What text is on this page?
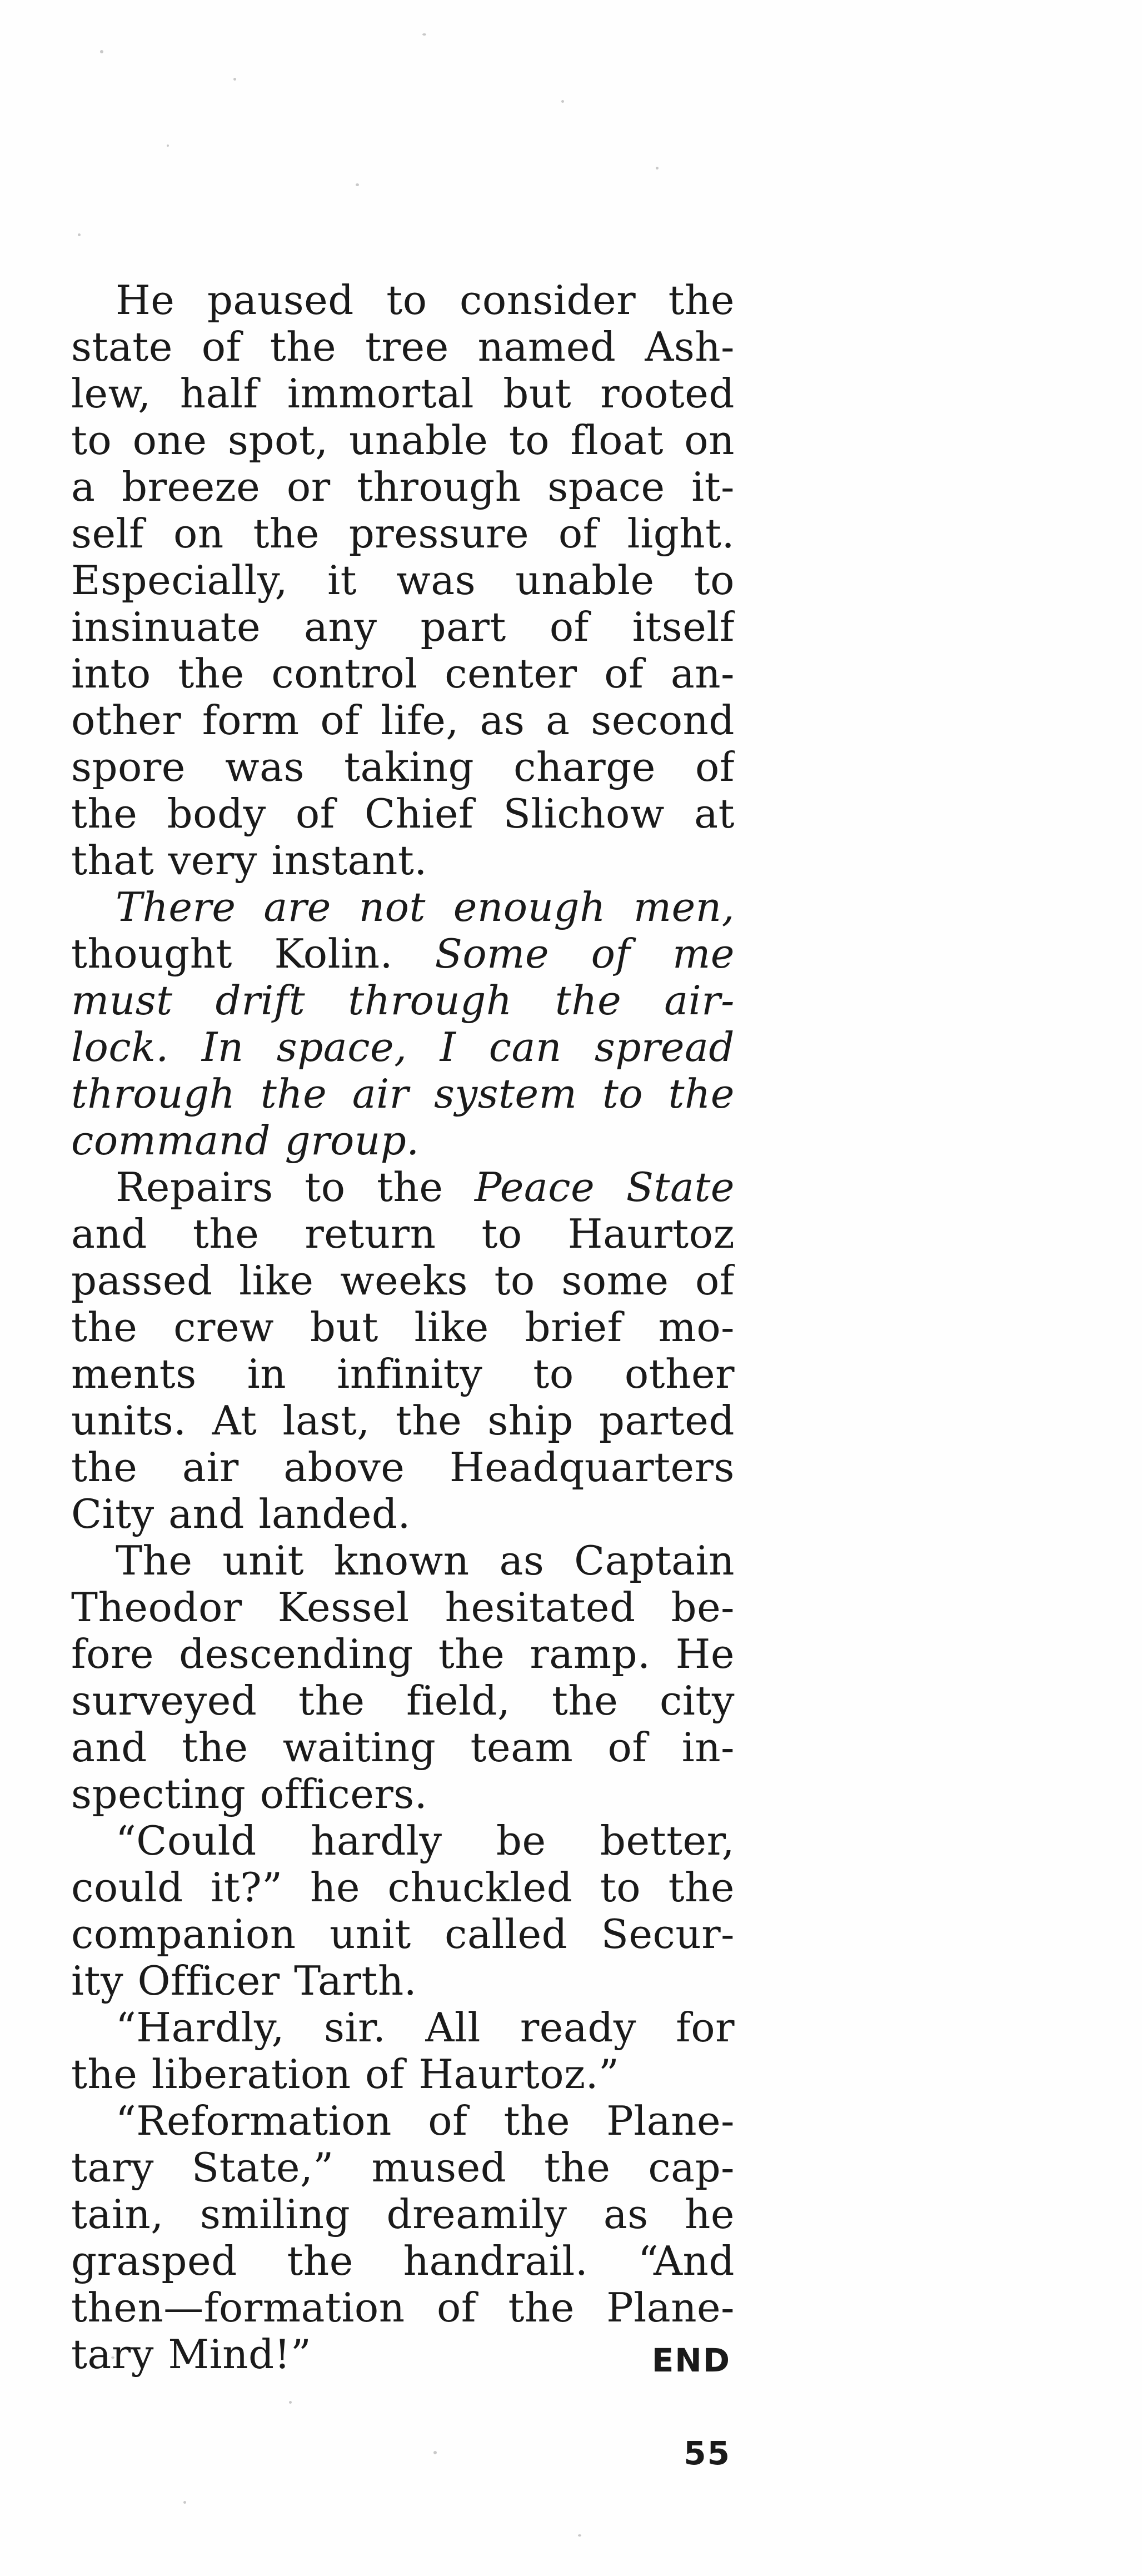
He paused to consider the
state of the tree named Ash-
lew, half immortal but rooted
to one spot, unable to float on
a breeze or through space it-
self on the pressure of light.
Especially, it was unable to
insinuate any part of itself
into the control center of an-
other form of life, as a second
spore was taking charge of
the body of Chief Slichow at
that very instant.

There are not enough men,
thought Kolin. Some of me
must drift through the air-
lock. In space, I can spread
through the air system to the
command group.

Repairs to the Peace State
and the return to Haurtoz
passed like weeks to some of
the crew but like brief mo-
ments in infinity to other
units. At last, the ship parted
the air above Headquarters
City and landed.

The unit known as Captain
Theodor Kessel hesitated be-
fore descending the ramp. He
surveyed the field, the city
and the waiting team of in-
specting officers.

“Could hardly be better,
could it?” he chuckled to the
companion unit called Secur-
ity Officer Tarth.

“Hardly, sir. All ready for
the liberation of Haurtoz.”

“Reformation of the Plane-
tary State,” mused the cap-
tain, smiling dreamily as he
grasped the handrail. “And
then—formation of the Plane-
tary Mind!”	END
55
